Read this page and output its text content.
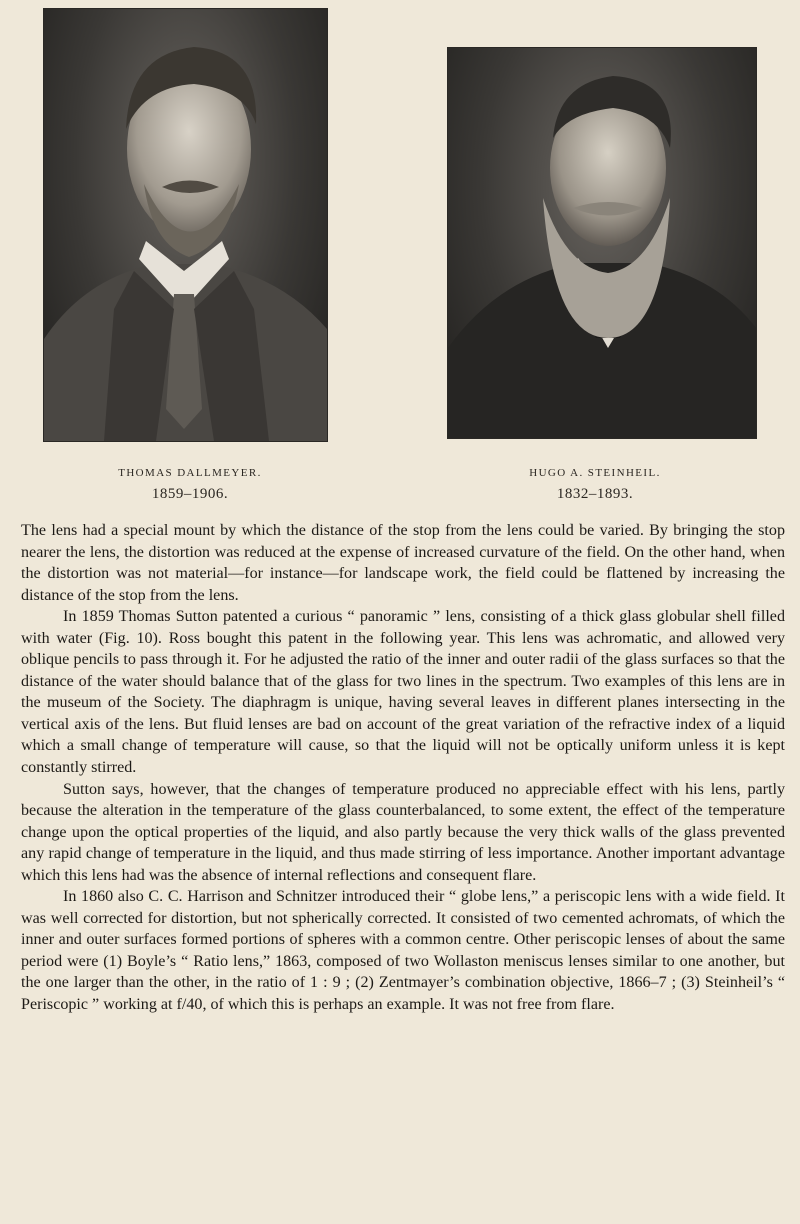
THOMAS DALLMEYER.
1859–1906.
HUGO A. STEINHEIL.
1832–1893.

The lens had a special mount by which the distance of the stop from the lens could be varied. By bringing the stop nearer the lens, the distortion was reduced at the expense of increased curvature of the field. On the other hand, when the distortion was not material—for instance—for landscape work, the field could be flattened by increasing the distance of the stop from the lens.

In 1859 Thomas Sutton patented a curious “ panoramic ” lens, consisting of a thick glass globular shell filled with water (Fig. 10). Ross bought this patent in the following year. This lens was achromatic, and allowed very oblique pencils to pass through it. For he adjusted the ratio of the inner and outer radii of the glass surfaces so that the distance of the water should balance that of the glass for two lines in the spectrum. Two examples of this lens are in the museum of the Society. The diaphragm is unique, having several leaves in different planes intersecting in the vertical axis of the lens. But fluid lenses are bad on account of the great variation of the refractive index of a liquid which a small change of temperature will cause, so that the liquid will not be optically uniform unless it is kept constantly stirred.

Sutton says, however, that the changes of temperature produced no appreciable effect with his lens, partly because the alteration in the temperature of the glass counterbalanced, to some extent, the effect of the temperature change upon the optical properties of the liquid, and also partly because the very thick walls of the glass prevented any rapid change of temperature in the liquid, and thus made stirring of less importance. Another important advantage which this lens had was the absence of internal reflections and consequent flare.

In 1860 also C. C. Harrison and Schnitzer introduced their “ globe lens,” a periscopic lens with a wide field. It was well corrected for distortion, but not spherically corrected. It consisted of two cemented achromats, of which the inner and outer surfaces formed portions of spheres with a common centre. Other periscopic lenses of about the same period were (1) Boyle’s “ Ratio lens,” 1863, composed of two Wollaston meniscus lenses similar to one another, but the one larger than the other, in the ratio of 1 : 9 ; (2) Zentmayer’s combination objective, 1866–7 ; (3) Steinheil’s “ Periscopic ” working at f/40, of which this is perhaps an example. It was not free from flare.
